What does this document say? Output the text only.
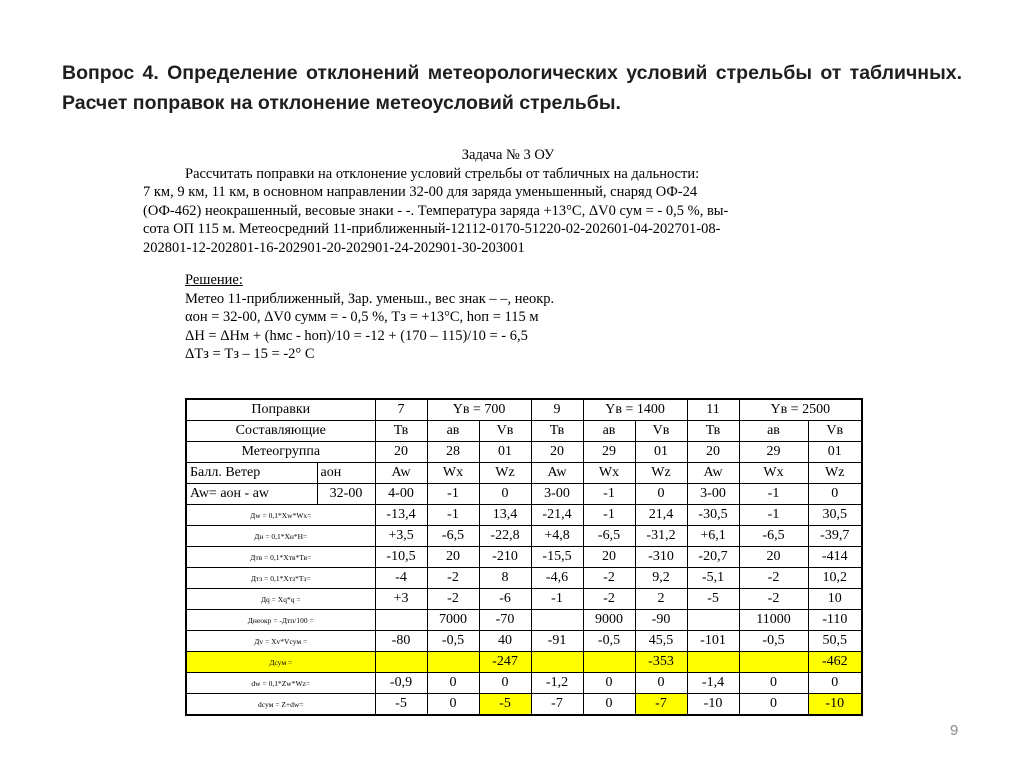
Вопрос 4. Определение отклонений метеорологических условий стрельбы от табличных. Расчет поправок на отклонение метеоусловий стрельбы.
Задача № 3 ОУ
Рассчитать поправки на отклонение условий стрельбы от табличных на дальности:
7 км, 9 км, 11 км, в основном направлении 32-00 для заряда уменьшенный, снаряд ОФ-24
(ОФ-462) неокрашенный, весовые знаки - -. Температура заряда +13°С, ΔV0 сум = - 0,5 %, вы-
сота ОП 115 м. Метеосредний 11-приближенный-12112-0170-51220-02-202601-04-202701-08-
202801-12-202801-16-202901-20-202901-24-202901-30-203001
Решение:
Метео 11-приближенный, Зар. уменьш., вес знак – –, неокр.
αон = 32-00, ΔV0 сумм = - 0,5 %, Тз = +13°С, hоп = 115 м
ΔН = ΔНм + (hмс - hоп)/10 = -12 + (170 – 115)/10 = - 6,5
ΔТз = Тз – 15 = -2° С
Поправки		7	Yв = 700		9	Yв = 1400		11	Yв = 2500	
Составляющие		Тв	aв	Vв	Тв	aв	Vв	Тв	aв	Vв
Метеогруппа		20	28	01	20	29	01	20	29	01
Балл. Ветер	aон	Aw	Wx	Wz	Aw	Wx	Wz	Aw	Wx	Wz
Aw= aон - aw	32-00	4-00	-1	0	3-00	-1	0	3-00	-1	0
Дw = 0,1*Xw*Wx=		-13,4	-1	13,4	-21,4	-1	21,4	-30,5	-1	30,5
Дн = 0,1*Xн*Н=		+3,5	-6,5	-22,8	+4,8	-6,5	-31,2	+6,1	-6,5	-39,7
Дтв = 0,1*Xтв*Тв=		-10,5	20	-210	-15,5	20	-310	-20,7	20	-414
Дтз = 0,1*Xтз*Тз=		-4	-2	8	-4,6	-2	9,2	-5,1	-2	10,2
Дq = Xq*q =		+3	-2	-6	-1	-2	2	-5	-2	10
Днеокр = -Дтп/100 =			7000	-70		9000	-90		11000	-110
Дv = Xv*Vсум =		-80	-0,5	40	-91	-0,5	45,5	-101	-0,5	50,5
Дсум =				-247			-353			-462
dw = 0,1*Zw*Wz=		-0,9	0	0	-1,2	0	0	-1,4	0	0
dсум = Z+dw=		-5	0	-5	-7	0	-7	-10	0	-10
9
